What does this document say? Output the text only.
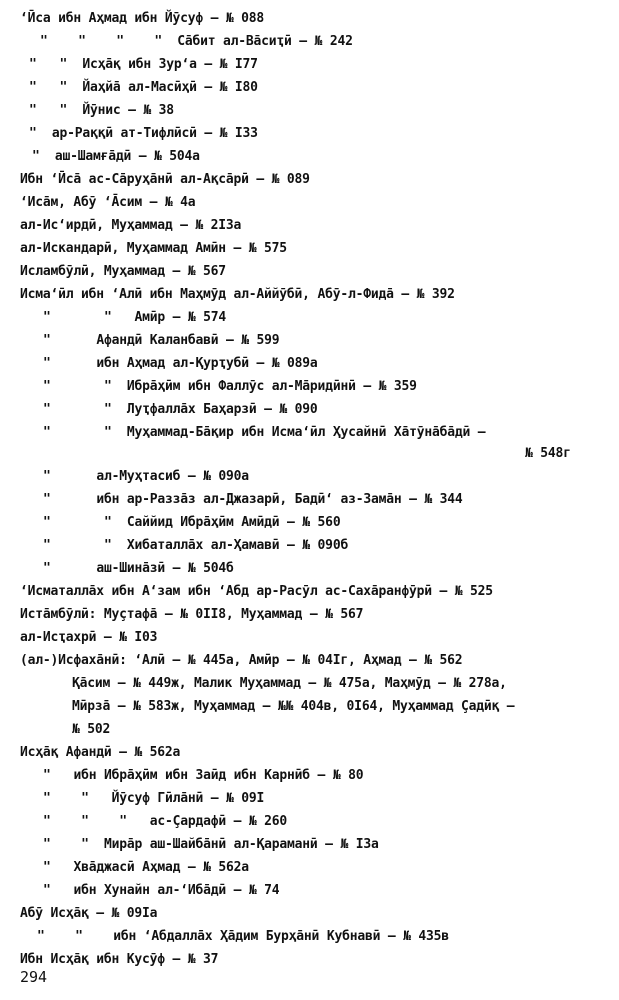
‘Ӣса ибн Аҳмад ибн Йӯсуф – № 088
"    "    "    "  Сāбит ал-Вāсиҭӣ – № 242
"   "  Исҳāқ ибн Зур‘а – № I77
"   "  Йаҳйā ал-Масӣҳӣ – № I80
"   "  Йӯнис – № 38
"  ар-Раққӣ ат-Тифлӣсӣ – № I33
"  аш-Шамғāдӣ – № 504а
Ибн ‘Ӣсā ас-Сāруҳāнӣ ал-Ақсāрӣ – № 089
‘Исāм, Абӯ ‘Āсим – № 4а
ал-Ис‘ирдӣ, Муҳаммад – № 2I3а
ал-Искандарӣ, Муҳаммад Амӣн – № 575
Исламбӯлӣ, Муҳаммад – № 567
Исма‘ӣл ибн ‘Алӣ ибн Маҳмӯд ал-Аййӯбӣ, Абӯ-л-Фидā – № 392
"       "   Амӣр – № 574
"      Афандӣ Каланбавӣ – № 599
"      ибн Аҳмад ал-Қурҭубӣ – № 089а
"       "  Ибрāҳӣм ибн Фаллӯс ал-Мāридӣнӣ – № 359
"       "  Луҭфаллāх Баҳарзӣ – № 090
"       "  Муҳаммад-Бāқир ибн Исма‘ӣл Ҳусайнӣ Хāтӯнāбāдӣ –
№ 548г
"      ал-Муҳтасиб – № 090а
"      ибн ар-Раззāз ал-Джазарӣ, Бадӣ‘ аз-Замāн – № 344
"       "  Саййид Ибрāҳӣм Амӣдӣ – № 560
"       "  Хибаталлāх ал-Ҳамавӣ – № 090б
"      аш-Шинāзӣ – № 504б
‘Исматаллāх ибн А‘зам ибн ‘Абд ар-Расӯл ас-Сахāранфӯрӣ – № 525
Истāмбӯлӣ: Муҫтафā – № 0II8, Муҳаммад – № 567
ал-Исҭахрӣ – № I03
(ал-)Исфахāнӣ: ‘Алӣ – № 445а, Амӣр – № 04Iг, Аҳмад – № 562
Қāсим – № 449ж, Малик Муҳаммад – № 475а, Маҳмӯд – № 278а,
Мӣрзā – № 583ж, Муҳаммад – №№ 404в, 0I64, Муҳаммад Ҫадӣқ –
№ 502
Исҳāқ Афандӣ – № 562а
"   ибн Ибрāҳӣм ибн Заӣд ибн Карнӣб – № 80
"    "   Йӯсуф Гӣлāнӣ – № 09I
"    "    "   ас-Ҫардафӣ – № 260
"    "  Мирāр аш-Шайбāнӣ ал-Қараманӣ – № I3а
"   Хвāджасӣ Аҳмад – № 562а
"   ибн Хунайн ал-‘Ибāдӣ – № 74
Абӯ Исҳāқ – № 09Iа
"    "    ибн ‘Абдаллāх Ҳāдим Бурҳāнӣ Кубнавӣ – № 435в
Ибн Исҳāқ ибн Кусӯф – № 37
294
